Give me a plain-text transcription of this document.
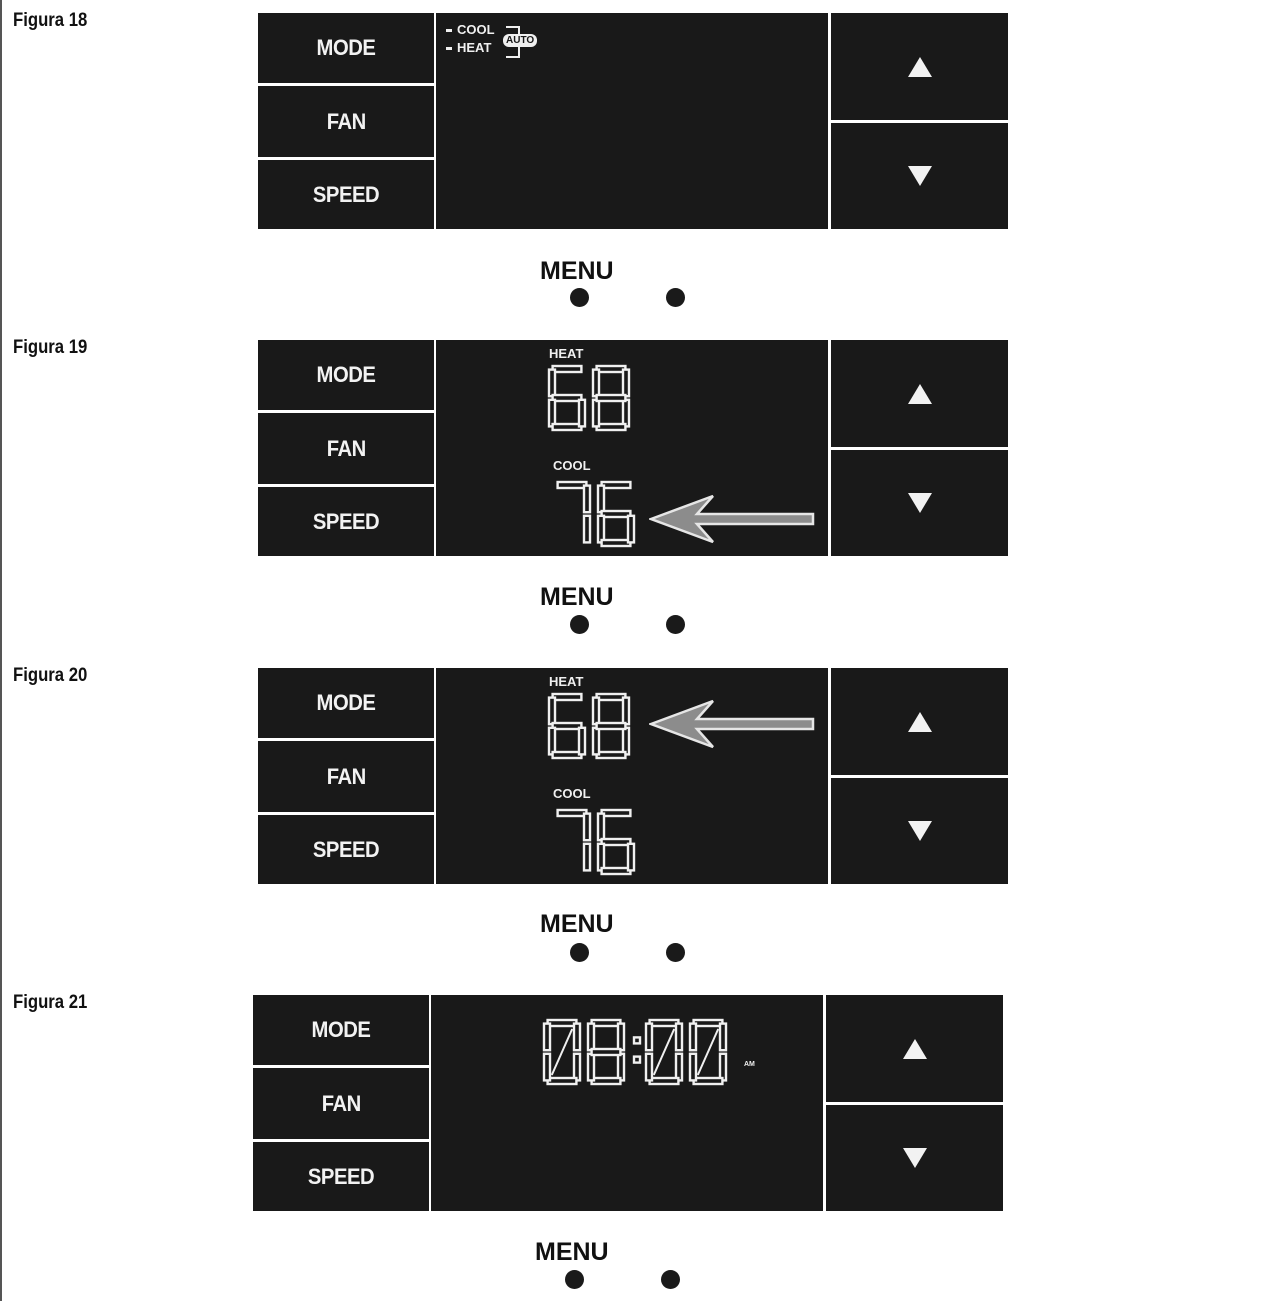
Figura 18
MODE
FAN
SPEED
COOL
HEAT	AUTO
MENU
Figura 19
MODE
FAN
SPEED
HEAT
COOL
MENU
Figura 20
MODE
FAN
SPEED
HEAT
COOL
MENU
Figura 21
MODE
FAN
SPEED
AM
MENU
